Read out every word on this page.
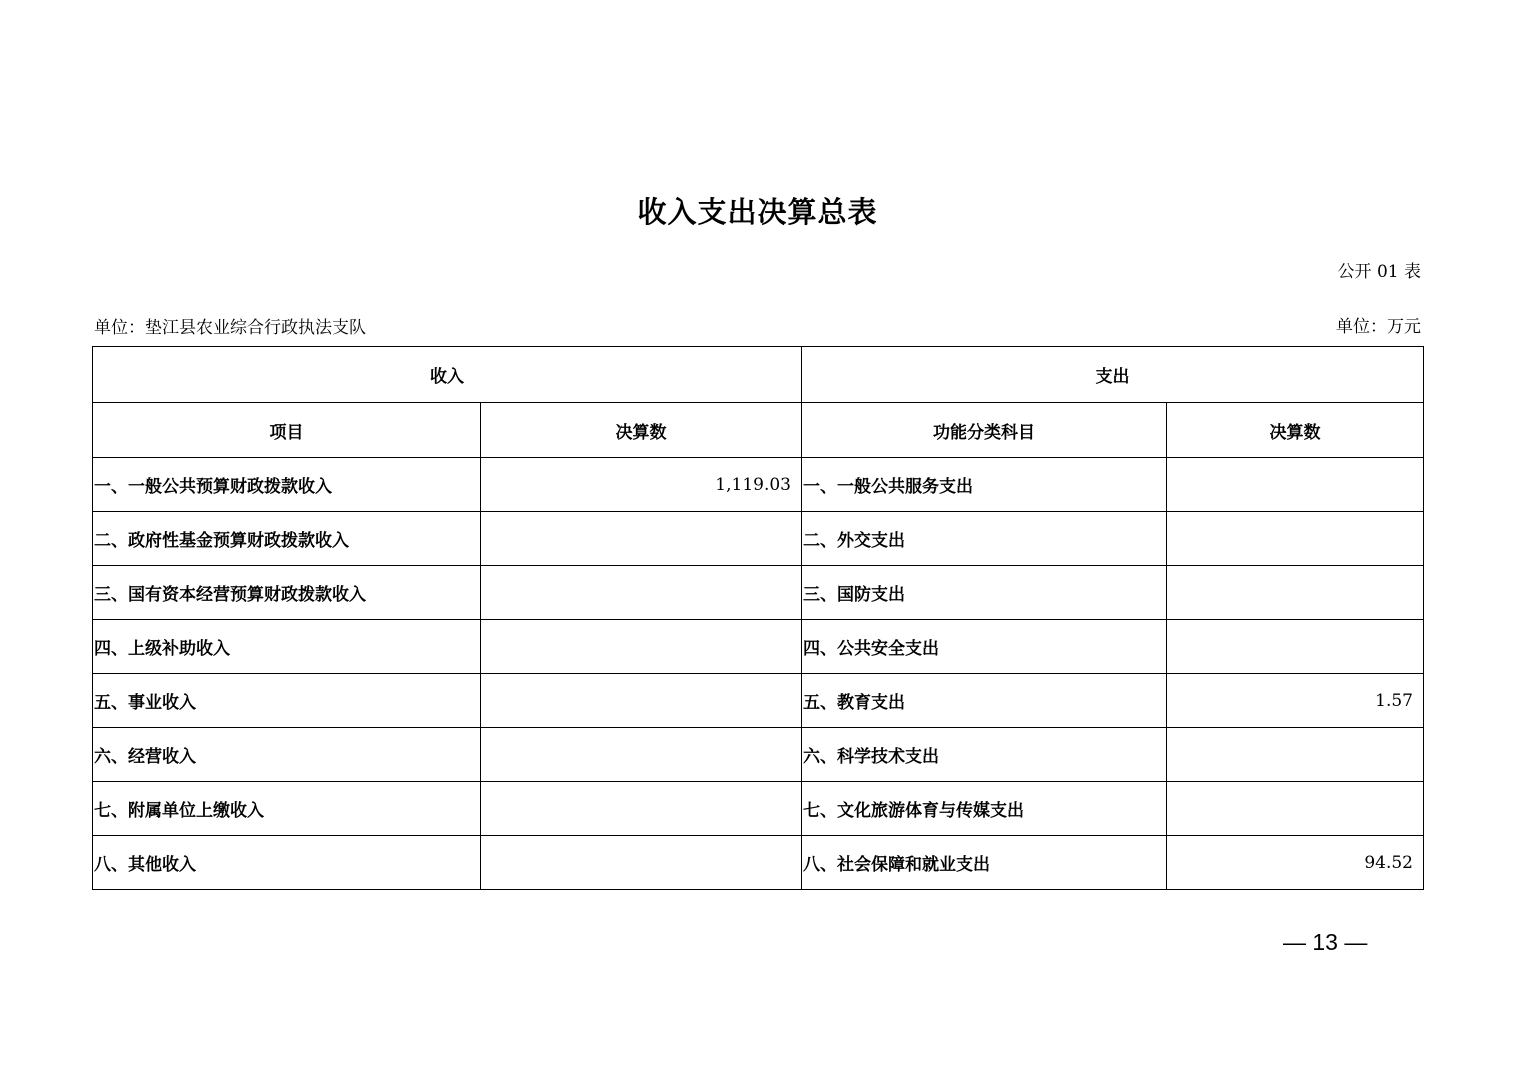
收入支出决算总表
公开 01 表
单位：垫江县农业综合行政执法支队	单位：万元
收入		支出	
项目	决算数	功能分类科目	决算数
一、一般公共预算财政拨款收入	1,119.03	一、一般公共服务支出	
二、政府性基金预算财政拨款收入		二、外交支出	
三、国有资本经营预算财政拨款收入		三、国防支出	
四、上级补助收入		四、公共安全支出	
五、事业收入		五、教育支出	1.57
六、经营收入		六、科学技术支出	
七、附属单位上缴收入		七、文化旅游体育与传媒支出	
八、其他收入		八、社会保障和就业支出	94.52
— 13 —
